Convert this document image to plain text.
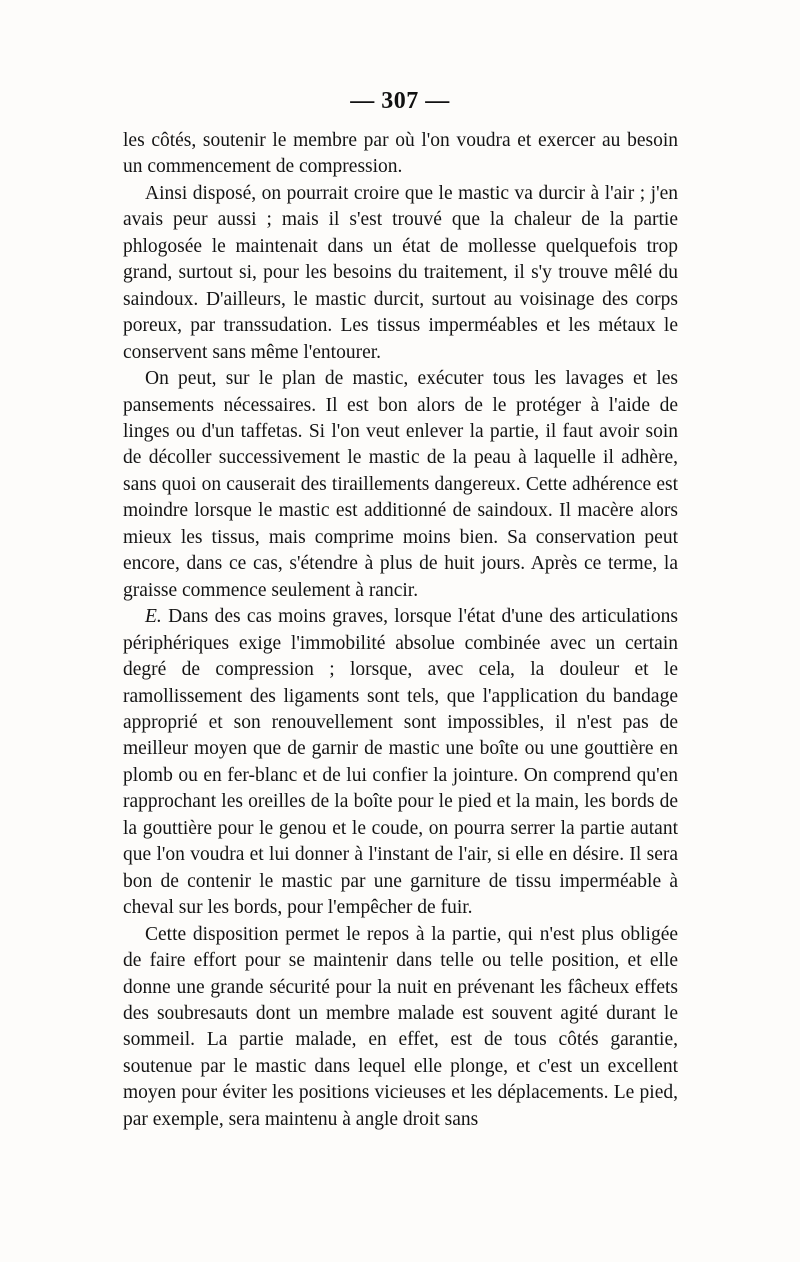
— 307 —

les côtés, soutenir le membre par où l'on voudra et exercer au besoin un commencement de compression.

Ainsi disposé, on pourrait croire que le mastic va durcir à l'air ; j'en avais peur aussi ; mais il s'est trouvé que la chaleur de la partie phlogosée le maintenait dans un état de mollesse quelquefois trop grand, surtout si, pour les besoins du traitement, il s'y trouve mêlé du saindoux. D'ailleurs, le mastic durcit, surtout au voisinage des corps poreux, par transsudation. Les tissus imperméables et les métaux le conservent sans même l'entourer.

On peut, sur le plan de mastic, exécuter tous les lavages et les pansements nécessaires. Il est bon alors de le protéger à l'aide de linges ou d'un taffetas. Si l'on veut enlever la partie, il faut avoir soin de décoller successivement le mastic de la peau à laquelle il adhère, sans quoi on causerait des tiraillements dangereux. Cette adhérence est moindre lorsque le mastic est additionné de saindoux. Il macère alors mieux les tissus, mais comprime moins bien. Sa conservation peut encore, dans ce cas, s'étendre à plus de huit jours. Après ce terme, la graisse commence seulement à rancir.

E. Dans des cas moins graves, lorsque l'état d'une des articulations périphériques exige l'immobilité absolue combinée avec un certain degré de compression ; lorsque, avec cela, la douleur et le ramollissement des ligaments sont tels, que l'application du bandage approprié et son renouvellement sont impossibles, il n'est pas de meilleur moyen que de garnir de mastic une boîte ou une gouttière en plomb ou en fer-blanc et de lui confier la jointure. On comprend qu'en rapprochant les oreilles de la boîte pour le pied et la main, les bords de la gouttière pour le genou et le coude, on pourra serrer la partie autant que l'on voudra et lui donner à l'instant de l'air, si elle en désire. Il sera bon de contenir le mastic par une garniture de tissu imperméable à cheval sur les bords, pour l'empêcher de fuir.

Cette disposition permet le repos à la partie, qui n'est plus obligée de faire effort pour se maintenir dans telle ou telle position, et elle donne une grande sécurité pour la nuit en prévenant les fâcheux effets des soubresauts dont un membre malade est souvent agité durant le sommeil. La partie malade, en effet, est de tous côtés garantie, soutenue par le mastic dans lequel elle plonge, et c'est un excellent moyen pour éviter les positions vicieuses et les déplacements. Le pied, par exemple, sera maintenu à angle droit sans
